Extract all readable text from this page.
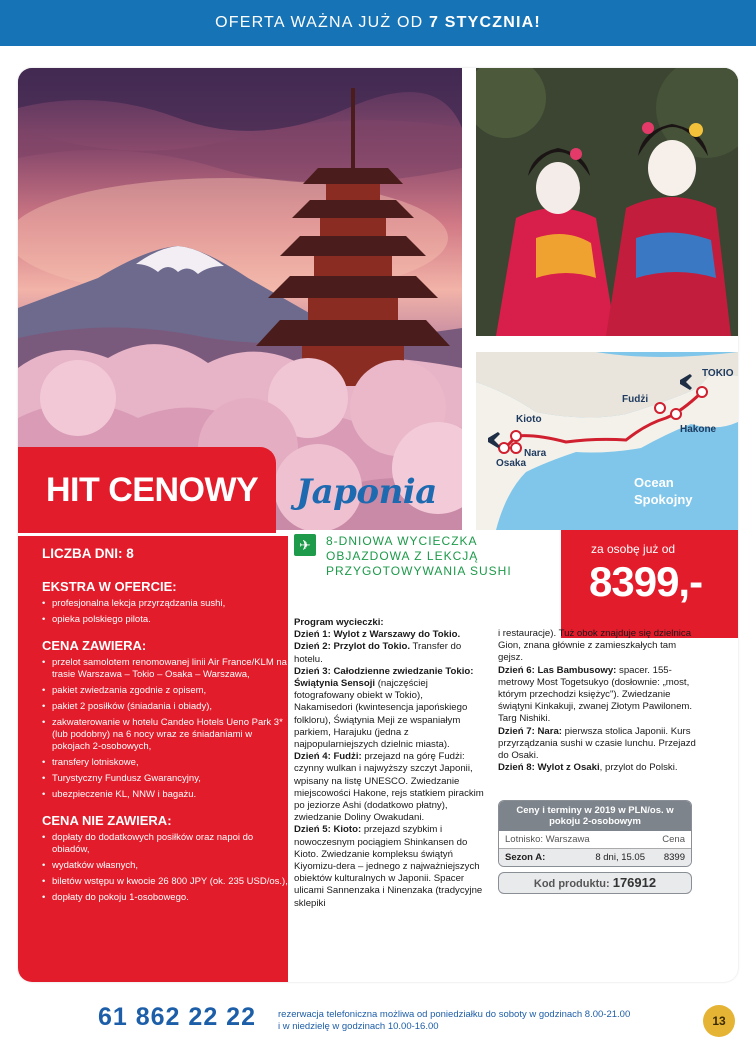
OFERTA WAŻNA JUŻ OD 7 STYCZNIA!
HIT CENOWY
TOKIO
Fudżi
Hakone
Kioto
Nara
Osaka
Ocean
Spokojny
LICZBA DNI: 8
EKSTRA W OFERCIE:
• profesjonalna lekcja przyrządzania sushi,
• opieka polskiego pilota.
CENA ZAWIERA:
• przelot samolotem renomowanej linii Air France/KLM na trasie Warszawa – Tokio – Osaka – Warszawa,
• pakiet zwiedzania zgodnie z opisem,
• pakiet 2 posiłków (śniadania i obiady),
• zakwaterowanie w hotelu Candeo Hotels Ueno Park 3* (lub podobny) na 6 nocy wraz ze śniadaniami w pokojach 2-osobowych,
• transfery lotniskowe,
• Turystyczny Fundusz Gwarancyjny,
• ubezpieczenie KL, NNW i bagażu.
CENA NIE ZAWIERA:
• dopłaty do dodatkowych posiłków oraz napoi do obiadów,
• wydatków własnych,
• biletów wstępu w kwocie 26 800 JPY (ok. 235 USD/os.),
• dopłaty do pokoju 1-osobowego.
za osobę już od
8399,-
Japonia
✈	8-DNIOWA WYCIECZKA OBJAZDOWA Z LEKCJĄ PRZYGOTOWYWANIA SUSHI
Program wycieczki:
Dzień 1: Wylot z Warszawy do Tokio.
Dzień 2: Przylot do Tokio. Transfer do hotelu.
Dzień 3: Całodzienne zwiedzanie Tokio: Świątynia Sensoji (najczęściej fotografowany obiekt w Tokio), Nakamisedori (kwintesencja japońskiego folkloru), Świątynia Meji ze wspaniałym parkiem, Harajuku (jedna z najpopularniejszych dzielnic miasta).
Dzień 4: Fudżi: przejazd na górę Fudżi: czynny wulkan i najwyższy szczyt Japonii, wpisany na listę UNESCO. Zwiedzanie miejscowości Hakone, rejs statkiem pirackim po jeziorze Ashi (dodatkowo płatny), zwiedzanie Doliny Owakudani.
Dzień 5: Kioto: przejazd szybkim i nowoczesnym pociągiem Shinkansen do Kioto. Zwiedzanie kompleksu świątyń Kiyomizu-dera – jednego z najważniejszych obiektów kulturalnych w Japonii. Spacer ulicami Sannenzaka i Ninenzaka (tradycyjne sklepiki
i restauracje). Tuż obok znajduje się dzielnica Gion, znana głównie z zamieszkałych tam gejsz.
Dzień 6: Las Bambusowy: spacer. 155-metrowy Most Togetsukyo (dosłownie: „most, którym przechodzi księżyc"). Zwiedzanie świątyni Kinkakuji, zwanej Złotym Pawilonem. Targ Nishiki.
Dzień 7: Nara: pierwsza stolica Japonii. Kurs przyrządzania sushi w czasie lunchu. Przejazd do Osaki.
Dzień 8: Wylot z Osaki, przylot do Polski.
Ceny i terminy w 2019 w PLN/os. w pokoju 2-osobowym
Lotnisko: Warszawa	Cena
Sezon A:	8 dni, 15.05	8399
Kod produktu: 176912
61 862 22 22 rezerwacja telefoniczna możliwa od poniedziałku do soboty w godzinach 8.00-21.00
i w niedzielę w godzinach 10.00-16.00	13
